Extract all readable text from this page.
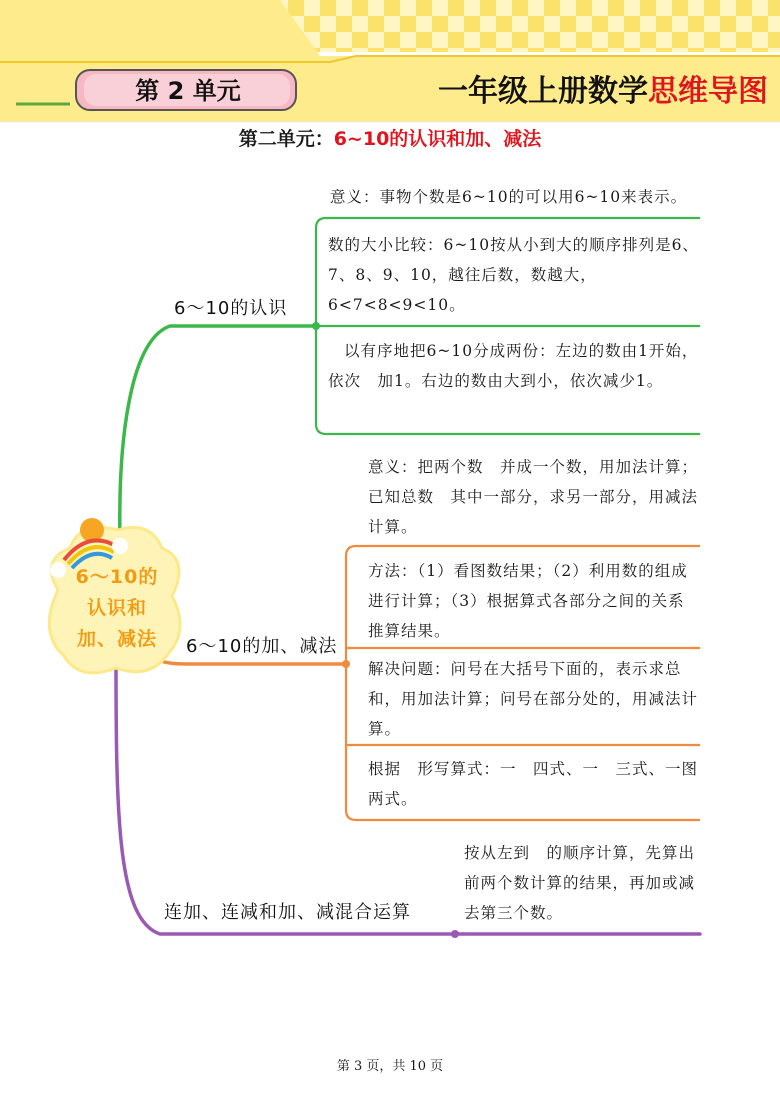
第 2 单元	一年级上册数学思维导图
第二单元：6~10的认识和加、减法
6～10的
认识和
加、减法
6～10的认识
6～10的加、减法
连加、连减和加、减混合运算
意义：事物个数是6~10的可以用6~10来表示。
数的大小比较：6~10按从小到大的顺序排列是6、7、8、9、10，越往后数，数越大，6<7<8<9<10。
以有序地把6~10分成两份：左边的数由1开始，依次　加1。右边的数由大到小，依次减少1。
意义：把两个数　并成一个数，用加法计算；已知总数　其中一部分，求另一部分，用减法计算。
方法：（1）看图数结果；（2）利用数的组成进行计算；（3）根据算式各部分之间的关系推算结果。
解决问题：问号在大括号下面的，表示求总和，用加法计算；问号在部分处的，用减法计算。
根据　形写算式：一　四式、一　三式、一图两式。
按从左到　的顺序计算，先算出前两个数计算的结果，再加或减去第三个数。
第 3 页，共 10 页
